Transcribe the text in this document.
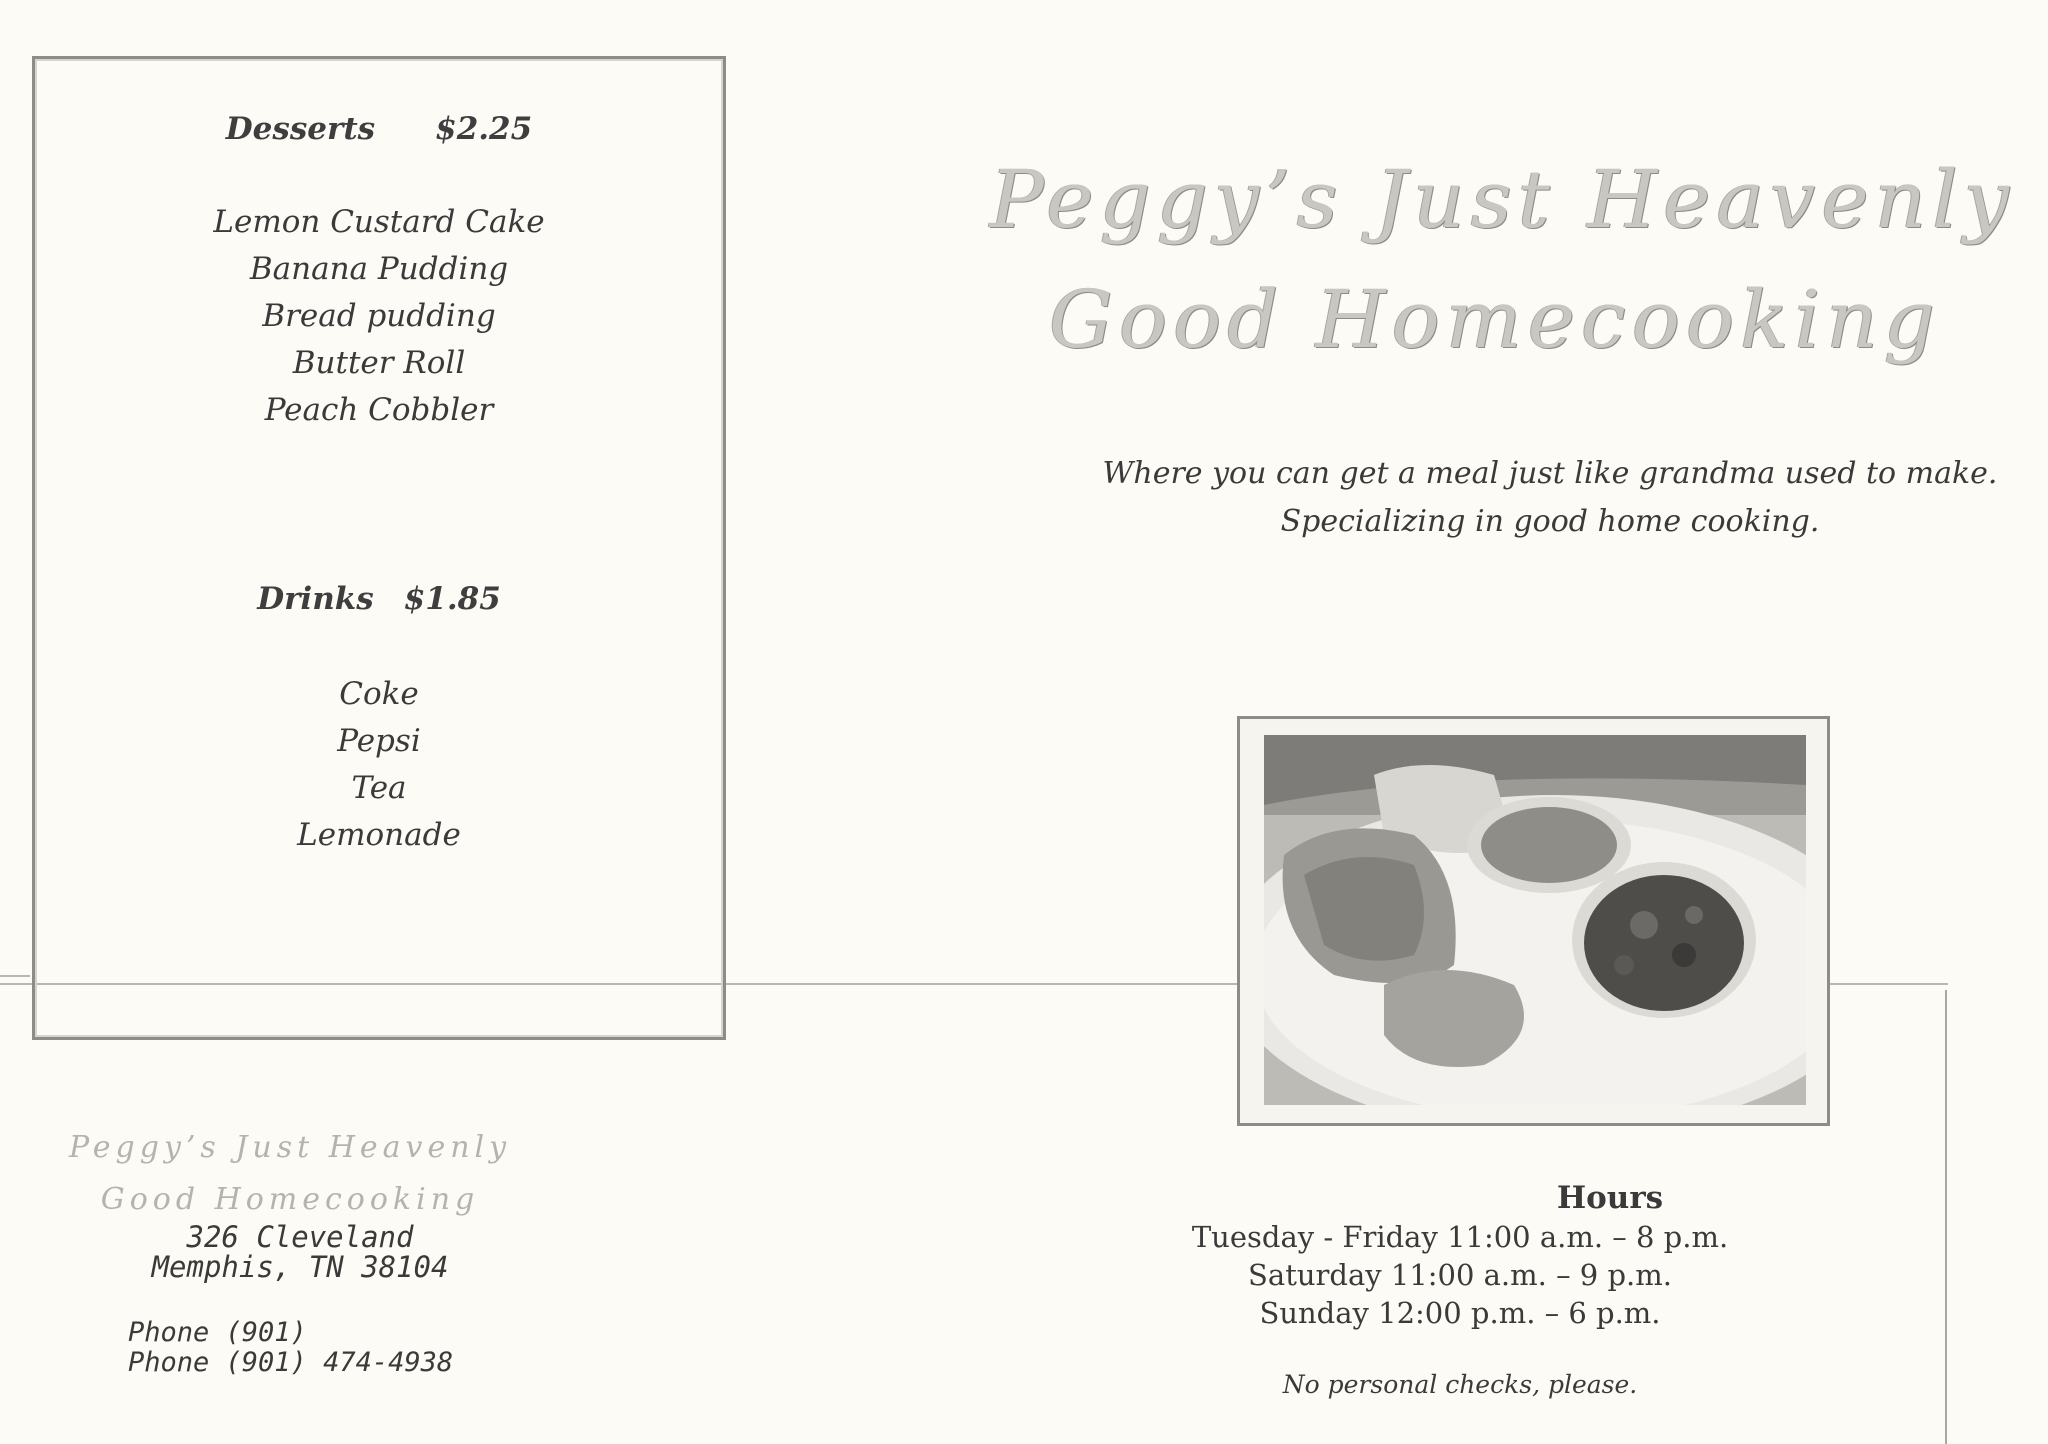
Desserts $2.25
Lemon Custard Cake
Banana Pudding
Bread pudding
Butter Roll
Peach Cobbler
Drinks $1.85
Coke
Pepsi
Tea
Lemonade
Peggy’s Just Heavenly
Good Homecooking
Where you can get a meal just like grandma used to make.
Specializing in good home cooking.
Hours
Tuesday - Friday 11:00 a.m. – 8 p.m.
Saturday 11:00 a.m. – 9 p.m.
Sunday 12:00 p.m. – 6 p.m.
No personal checks, please.
Peggy’s Just Heavenly
Good Homecooking
326 Cleveland
Memphis, TN 38104
Phone (901)
Phone (901) 474-4938
